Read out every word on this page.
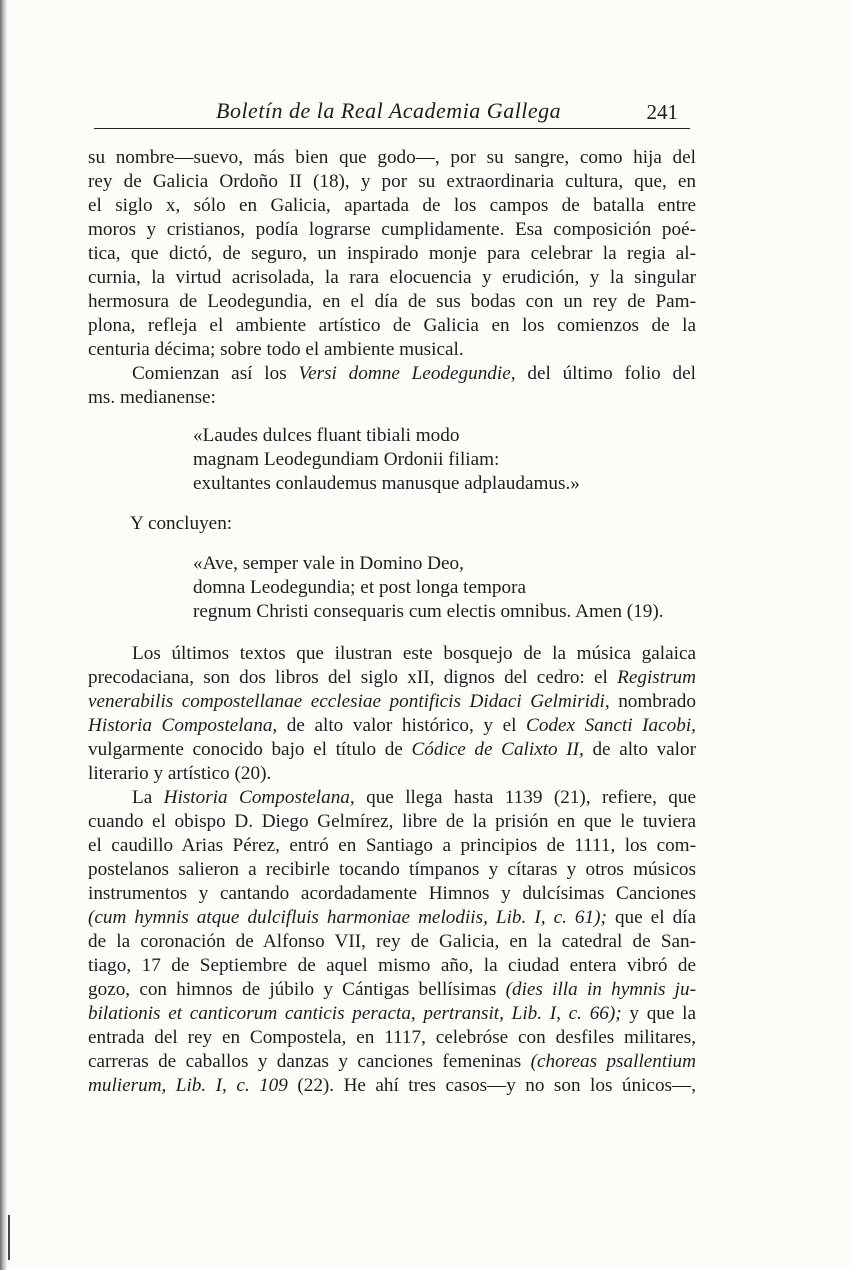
Boletín de la Real Academia Gallega	241
su nombre—suevo, más bien que godo—, por su sangre, como hija del
rey de Galicia Ordoño II (18), y por su extraordinaria cultura, que, en
el siglo x, sólo en Galicia, apartada de los campos de batalla entre
moros y cristianos, podía lograrse cumplidamente. Esa composición poé-
tica, que dictó, de seguro, un inspirado monje para celebrar la regia al-
curnia, la virtud acrisolada, la rara elocuencia y erudición, y la singular
hermosura de Leodegundia, en el día de sus bodas con un rey de Pam-
plona, refleja el ambiente artístico de Galicia en los comienzos de la
centuria décima; sobre todo el ambiente musical.
Comienzan así los Versi domne Leodegundie, del último folio del
ms. medianense:
«Laudes dulces fluant tibiali modo
magnam Leodegundiam Ordonii filiam:
exultantes conlaudemus manusque adplaudamus.»
Y concluyen:
«Ave, semper vale in Domino Deo,
domna Leodegundia; et post longa tempora
regnum Christi consequaris cum electis omnibus. Amen (19).
Los últimos textos que ilustran este bosquejo de la música galaica
precodaciana, son dos libros del siglo xII, dignos del cedro: el Registrum
venerabilis compostellanae ecclesiae pontificis Didaci Gelmiridi, nombrado
Historia Compostelana, de alto valor histórico, y el Codex Sancti Iacobi,
vulgarmente conocido bajo el título de Códice de Calixto II, de alto valor
literario y artístico (20).
La Historia Compostelana, que llega hasta 1139 (21), refiere, que
cuando el obispo D. Diego Gelmírez, libre de la prisión en que le tuviera
el caudillo Arias Pérez, entró en Santiago a principios de 1111, los com-
postelanos salieron a recibirle tocando tímpanos y cítaras y otros músicos
instrumentos y cantando acordadamente Himnos y dulcísimas Canciones
(cum hymnis atque dulcifluis harmoniae melodiis, Lib. I, c. 61); que el día
de la coronación de Alfonso VII, rey de Galicia, en la catedral de San-
tiago, 17 de Septiembre de aquel mismo año, la ciudad entera vibró de
gozo, con himnos de júbilo y Cántigas bellísimas (dies illa in hymnis ju-
bilationis et canticorum canticis peracta, pertransit, Lib. I, c. 66); y que la
entrada del rey en Compostela, en 1117, celebróse con desfiles militares,
carreras de caballos y danzas y canciones femeninas (choreas psallentium
mulierum, Lib. I, c. 109 (22). He ahí tres casos—y no son los únicos—,
